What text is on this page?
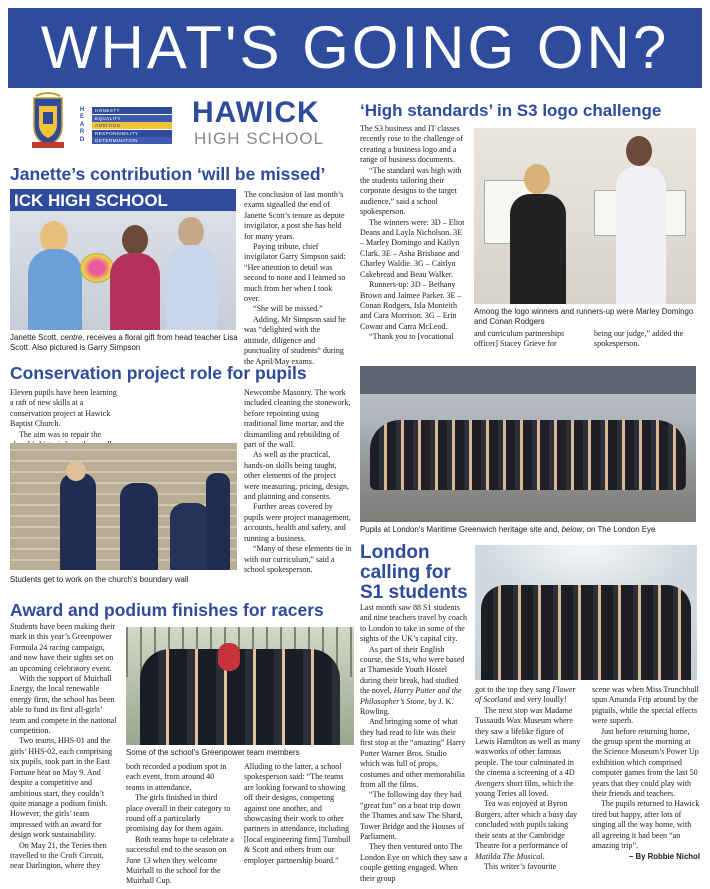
WHAT'S GOING ON?
H
E
A
R
D
HONESTY
EQUALITY
AMBITION
RESPONSIBILITY
DETERMINATION
HAWICK
HIGH SCHOOL
Janette’s contribution ‘will be missed’
ICK HIGH SCHOOL
Janette Scott, centre, receives a floral gift from head teacher Lisa Scott. Also pictured is Garry Simpson

The conclusion of last month’s exams signalled the end of Janette Scott’s tenure as depute invigilator, a post she has held for many years.

Paying tribute, chief invigilator Garry Simpson said: “Her attention to detail was second to none and I learned so much from her when I took over.

“She will be missed.”

Adding, Mr Simpson said he was “delighted with the attitude, diligence and punctuality of students” during the April/May exams.

‘High standards’ in S3 logo challenge

The S3 business and IT classes recently rose to the challenge of creating a business logo and a range of business documents.

“The standard was high with the students tailoring their corporate designs to the target audience,” said a school spokesperson.

The winners were: 3D – Eliot Deans and Layla Nicholson. 3E – Marley Domingo and Kailyn Clark. 3E – Asha Brisbane and Charley Waldie. 3G – Caitlyn Cakebread and Beau Walker.

Runners-up: 3D – Bethany Brown and Jaimee Parker. 3E – Conan Rodgers, Isla Monteith and Cara Morrison. 3G – Erin Cowan and Carra McLeod.

“Thank you to [vocational

Among the logo winners and runners-up were Marley Domingo and Conan Rodgers
and curriculum partnerships officer] Stacey Grieve for
being our judge,” added the spokesperson.
Conservation project role for pupils

Eleven pupils have been learning a raft of new skills at a conservation project at Hawick Baptist Church.

The aim was to repair the

Newcombe Masonry. The work included cleaning the stonework, before repointing using traditional lime mortar, and the dismantling and rebuilding of part of the wall.

As well as the practical, hands-on skills being taught, other elements of the project were measuring, pricing, design, and planning and consents.

Further areas covered by pupils were project management, accounts, health and safety, and running a business.

“Many of these elements tie in with our curriculum,” said a school spokesperson.

Students get to work on the church’s boundary wall
Pupils at London’s Maritime Greenwich heritage site and, below, on The London Eye
London calling for S1 students

Last month saw 88 S1 students and nine teachers travel by coach to London to take in some of the sights of the UK’s capital city.

As part of their English course, the S1s, who were based at Thameside Youth Hostel during their break, had studied the novel, Harry Potter and the Philosopher’s Stone, by J. K. Rowling.

And bringing some of what they had read to life was their first stop at the “amazing” Harry Potter Warner Bros. Studio which was full of props, costumes and other memorabilia from all the films.

“The following day they had “great fun” on a boat trip down the Thames and saw The Shard, Tower Bridge and the Houses of Parliament.

They then ventured onto The London Eye on which they saw a couple getting engaged. When their group

got to the top they sang Flower of Scotland and very loudly!

The next stop was Madame Tussauds Wax Museum where they saw a lifelike figure of Lewis Hamilton as well as many waxworks of other famous people. The tour culminated in the cinema a screening of a 4D Avengers short film, which the young Teries all loved.

Tea was enjoyed at Byron Burgers, after which a busy day concluded with pupils taking their seats at the Cambridge Theatre for a performance of Matilda The Musical.

This writer’s favourite

scene was when Miss Trunchbull spun Amanda Frip around by the pigtails, while the special effects were superb.

Just before returning home, the group spent the morning at the Science Museum’s Power Up exhibition which comprised computer games from the last 50 years that they could play with their friends and teachers.

The pupils returned to Hawick tired but happy, after lots of singing all the way home, with all agreeing it had been “an amazing trip”.

– By Robbie Nichol

Award and podium finishes for racers

Students have been making their mark in this year’s Greenpower Formula 24 racing campaign, and now have their sights set on an upcoming celebratory event.

With the support of Muirhall Energy, the local renewable energy firm, the school has been able to fund its first all-girls’ team and compete in the national competition.

Two teams, HHS-01 and the girls’ HHS-02, each comprising six pupils, took part in the East Fortune heat on May 9. And despite a competitive and ambitious start, they couldn’t quite manage a podium finish. However, the girls’ team impressed with an award for design work sustainability.

On May 21, the Teries then travelled to the Croft Circuit, near Darlington, where they

Some of the school’s Greenpower team members

both recorded a podium spot in each event, from around 40 teams in attendance.

The girls finished in third place overall in their category to round off a particularly promising day for them again.

Both teams hope to celebrate a successful end to the season on June 13 when they welcome Muirhall to the school for the Muirhall Cup.

Alluding to the latter, a school spokesperson said: “The teams are looking forward to showing off their designs, competing against one another, and showcasing their work to other partners in attendance, including [local engineering firm] Turnbull & Scott and others from our employer partnership board.”
